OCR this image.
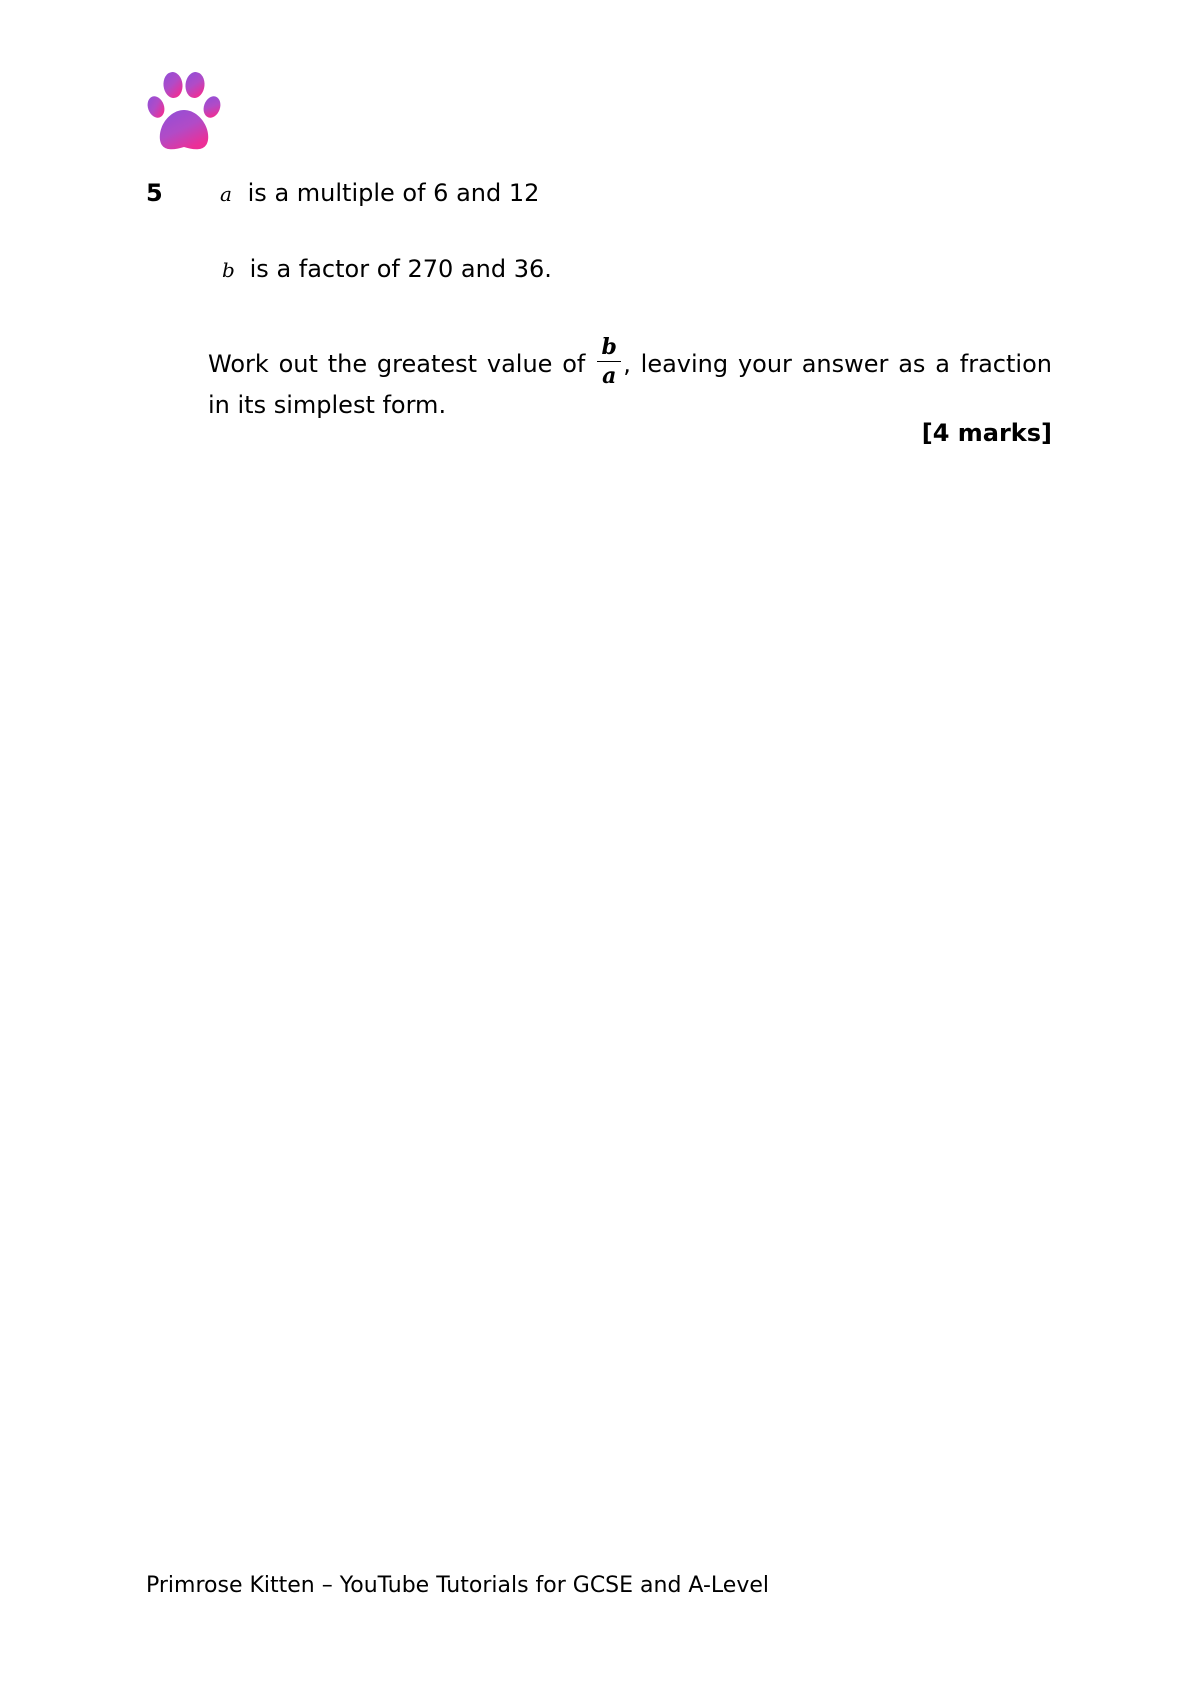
5	a is a multiple of 6 and 12
b is a factor of 270 and 36.
Work out the greatest value of $\frac{b}{a}$ , leaving your answer as a fraction
in its simplest form.
[4 marks]
Primrose Kitten – YouTube Tutorials for GCSE and A-Level
